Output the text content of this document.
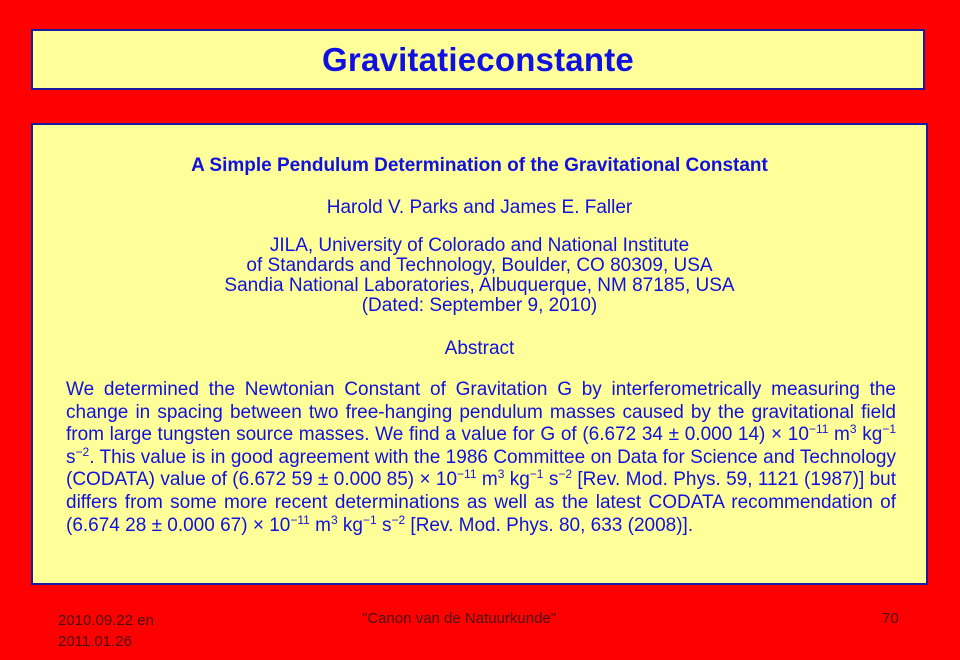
Gravitatieconstante
A Simple Pendulum Determination of the Gravitational Constant
Harold V. Parks and James E. Faller
JILA, University of Colorado and National Institute
of Standards and Technology, Boulder, CO 80309, USA
Sandia National Laboratories, Albuquerque, NM 87185, USA
(Dated: September 9, 2010)
Abstract

We determined the Newtonian Constant of Gravitation G by interferometrically measuring the change in spacing between two free-hanging pendulum masses caused by the gravitational field from large tungsten source masses. We find a value for G of (6.672 34 ± 0.000 $14) \times 10^{-11}$ $m^3$ $kg^{-1}$ $s^{-2}$. This value is in good agreement with the 1986 Committee on Data for Science and Technology (CODATA) value of (6.672 59 ± 0.000 $85) \times 10^{-11}$ $m^3$ $kg^{-1}$ $s^{-2}$ [Rev. Mod. Phys. 59, 1121 (1987)] but differs from some more recent determinations as well as the latest CODATA recommendation of (6.674 28 ± 0.000 $67) \times 10^{-11}$ $m^3$ $kg^{-1}$ $s^{-2}$ [Rev. Mod. Phys. 80, 633 (2008)].

2010.09.22 en
2011.01.26
"Canon van de Natuurkunde"	70
